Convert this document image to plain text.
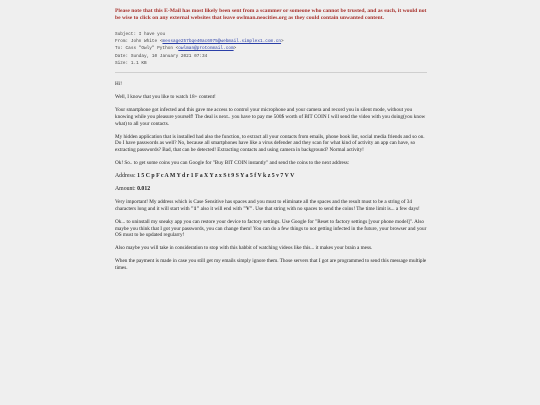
Please note that this E-Mail has most likely been sent from a scammer or someone who cannot be trusted, and as such, it would not be wise to click on any external websites that leave owlman.neocities.org as they could contain unwanted content.
Subject: I have you
From: John White <message257bqe40ac6975@webmail.simplex1.com.cn>
To: Cass "Owly" Python <owlman@protonmail.com>
Date: Sunday, 10 January 2021 07:34
Size: 1.1 KB

Hi!

Well, I know that you like to watch 18+ content!

Your smartphone got infected and this gave me access to control your microphone and your camera and record you in silent mode, without you knowing while you pleasure yourself! The deal is next.. you have to pay me 500$ worth of BIT COIN I will send the video with you doing(you know what) to all your contacts.

My hidden application that is installed had also the function, to extract all your contacts from emails, phone book list, social media friends and so on. Do I have passwords as well? No, because all smartphones have like a virus defender and they scan for what kind of activity an app can have, so extracting passwords? Bad, that can be detected! Extracting contacts and using camera in background? Normal activity!

Ok! So.. to get some coins you can Google for "Buy BIT COIN instantly" and send the coins to the next address:

Address: 1 5 C p F c A M Y d r 1 F a X Y z x S t 9 S Y a 5 f V k z 5 v 7 V V

Amount: 0.012

Very important! My address which is Case Sensitive has spaces and you must to eliminate all the spaces and the result must to be a string of 34 characters long and it will start with "1" also it will end with "V". Use that string with no spaces to send the coins! The time limit is... a few days!

Ok... to uninstall my sneaky app you can restore your device to factory settings. Use Google for "Reset to factory settings [your phone model]". Also maybe you think that I got your passwords, you can change them! You can do a few things to not getting infected in the future, your browser and your OS must to be updated regularry!

Also maybe you will take in consideration to stop with this habbit of watching videos like this... it makes your brain a mess.

When the payment is made in case you still get my emails simply ignore them. Those servers that I got are programmed to send this message multiple times.
